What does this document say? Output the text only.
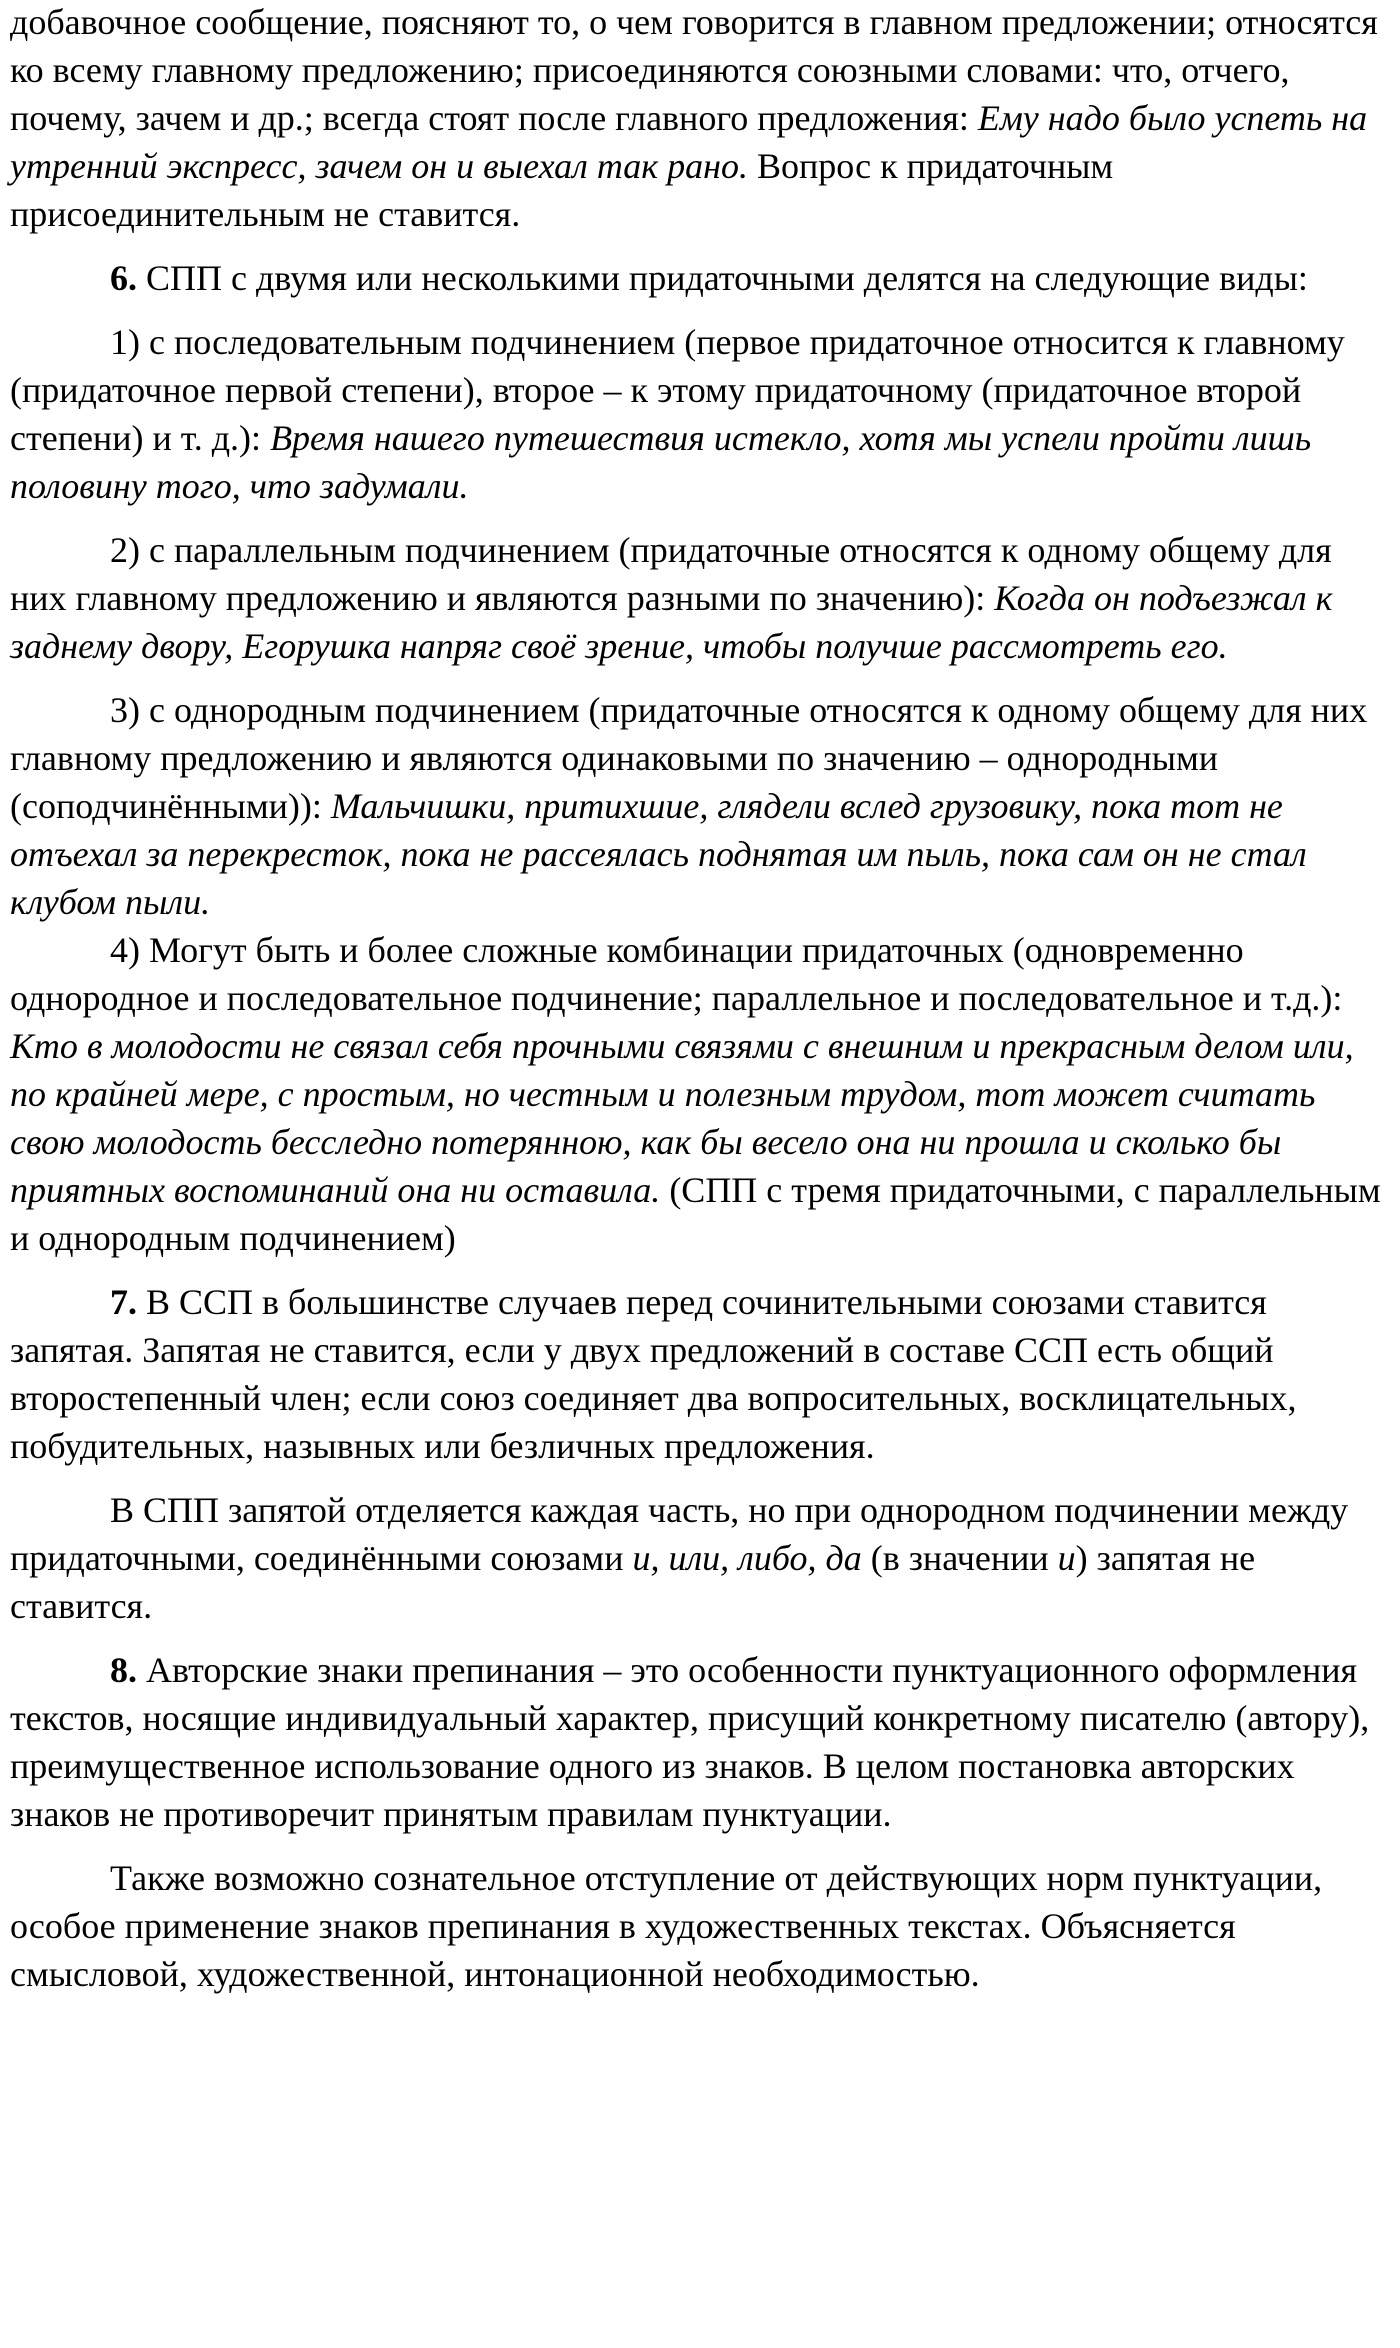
добавочное сообщение, поясняют то, о чем говорится в главном предложении; относятся ко всему главному предложению; присоединяются союзными словами: что, отчего, почему, зачем и др.; всегда стоят после главного предложения: Ему надо было успеть на утренний экспресс, зачем он и выехал так рано. Вопрос к придаточным присоединительным не ставится.

6. СПП с двумя или несколькими придаточными делятся на следующие виды:

1) с последовательным подчинением (первое придаточное относится к главному (придаточное первой степени), второе – к этому придаточному (придаточное второй степени) и т. д.): Время нашего путешествия истекло, хотя мы успели пройти лишь половину того, что задумали.

2) с параллельным подчинением (придаточные относятся к одному общему для них главному предложению и являются разными по значению): Когда он подъезжал к заднему двору, Егорушка напряг своё зрение, чтобы получше рассмотреть его.

3) с однородным подчинением (придаточные относятся к одному общему для них главному предложению и являются одинаковыми по значению – однородными (соподчинёнными)): Мальчишки, притихшие, глядели вслед грузовику, пока тот не отъехал за перекресток, пока не рассеялась поднятая им пыль, пока сам он не стал клубом пыли.

4) Могут быть и более сложные комбинации придаточных (одновременно однородное и последовательное подчинение; параллельное и последовательное и т.д.): Кто в молодости не связал себя прочными связями с внешним и прекрасным делом или, по крайней мере, с простым, но честным и полезным трудом, тот может считать свою молодость бесследно потерянною, как бы весело она ни прошла и сколько бы приятных воспоминаний она ни оставила. (СПП с тремя придаточными, с параллельным и однородным подчинением)

7. В ССП в большинстве случаев перед сочинительными союзами ставится запятая. Запятая не ставится, если у двух предложений в составе ССП есть общий второстепенный член; если союз соединяет два вопросительных, восклицательных, побудительных, назывных или безличных предложения.

В СПП запятой отделяется каждая часть, но при однородном подчинении между придаточными, соединёнными союзами и, или, либо, да (в значении и) запятая не ставится.

8. Авторские знаки препинания – это особенности пунктуационного оформления текстов, носящие индивидуальный характер, присущий конкретному писателю (автору), преимущественное использование одного из знаков. В целом постановка авторских знаков не противоречит принятым правилам пунктуации.

Также возможно сознательное отступление от действующих норм пунктуации, особое применение знаков препинания в художественных текстах. Объясняется смысловой, художественной, интонационной необходимостью.
